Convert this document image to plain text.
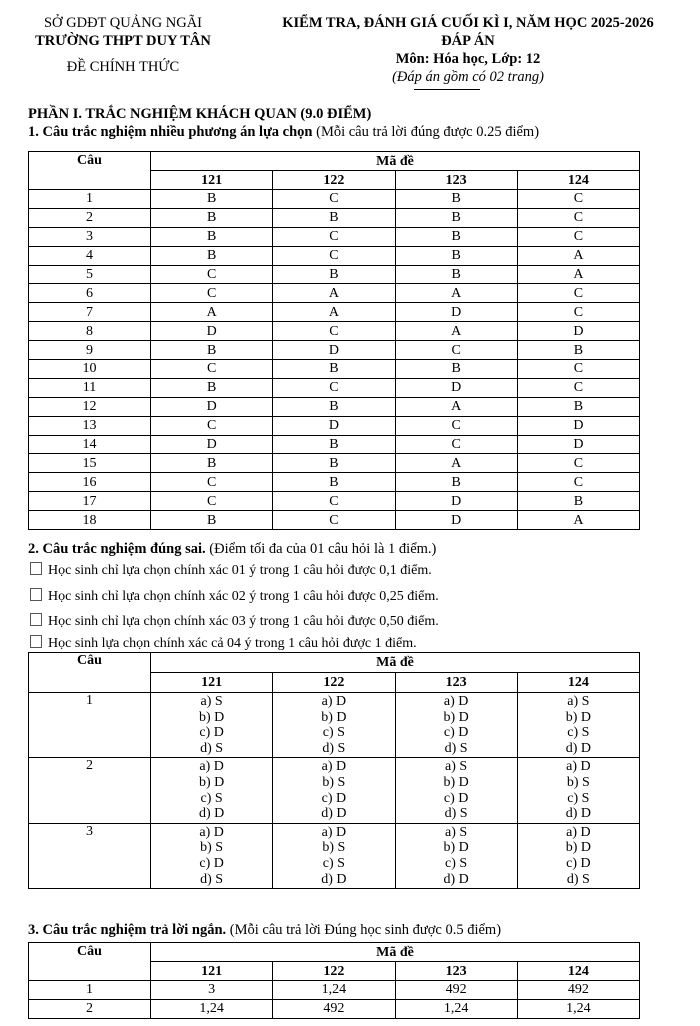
SỞ GDĐT QUẢNG NGÃI
TRƯỜNG THPT DUY TÂN
ĐỀ CHÍNH THỨC
KIỂM TRA, ĐÁNH GIÁ CUỐI KÌ I, NĂM HỌC 2025-2026
ĐÁP ÁN
Môn: Hóa học, Lớp: 12
(Đáp án gồm có 02 trang)
PHẦN I. TRẮC NGHIỆM KHÁCH QUAN (9.0 ĐIỂM)
1. Câu trắc nghiệm nhiều phương án lựa chọn (Mỗi câu trả lời đúng được 0.25 điểm)
Câu	Mã đề			
	121	122	123	124
1	B	C	B	C
2	B	B	B	C
3	B	C	B	C
4	B	C	B	A
5	C	B	B	A
6	C	A	A	C
7	A	A	D	C
8	D	C	A	D
9	B	D	C	B
10	C	B	B	C
11	B	C	D	C
12	D	B	A	B
13	C	D	C	D
14	D	B	C	D
15	B	B	A	C
16	C	B	B	C
17	C	C	D	B
18	B	C	D	A
2. Câu trắc nghiệm đúng sai. (Điểm tối đa của 01 câu hỏi là 1 điểm.)
Học sinh chỉ lựa chọn chính xác 01 ý trong 1 câu hỏi được 0,1 điểm.
Học sinh chỉ lựa chọn chính xác 02 ý trong 1 câu hỏi được 0,25 điểm.
Học sinh chỉ lựa chọn chính xác 03 ý trong 1 câu hỏi được 0,50 điểm.
Học sinh lựa chọn chính xác cả 04 ý trong 1 câu hỏi được 1 điểm.
Câu	Mã đề			
	121	122	123	124
1	a) S
b) D
c) D
d) S	a) D
b) D
c) S
d) S	a) D
b) D
c) D
d) S	a) S
b) D
c) S
d) D

2	a) D
b) D
c) S
d) D	a) D
b) S
c) D
d) D	a) S
b) D
c) D
d) S	a) D
b) S
c) S
d) D

3	a) D
b) S
c) D
d) S	a) D
b) S
c) S
d) D	a) S
b) D
c) S
d) D	a) D
b) D
c) D
d) S
3. Câu trắc nghiệm trả lời ngắn. (Mỗi câu trả lời Đúng học sinh được 0.5 điểm)
Câu	Mã đề			
	121	122	123	124
1	3	1,24	492	492
2	1,24	492	1,24	1,24
